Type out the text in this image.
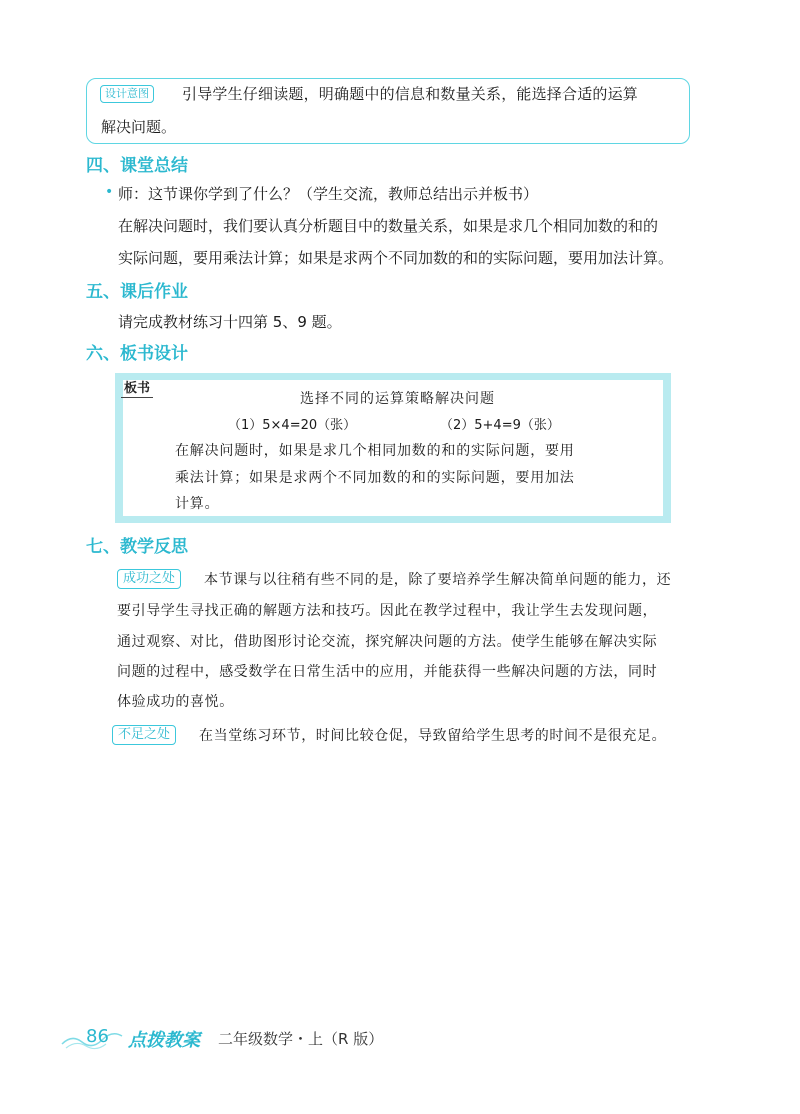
设计意图	引导学生仔细读题，明确题中的信息和数量关系，能选择合适的运算
解决问题。
四、课堂总结
• 师：这节课你学到了什么？（学生交流，教师总结出示并板书）
在解决问题时，我们要认真分析题目中的数量关系，如果是求几个相同加数的和的
实际问题，要用乘法计算；如果是求两个不同加数的和的实际问题，要用加法计算。
五、课后作业
请完成教材练习十四第 5、9 题。
六、板书设计
板书
选择不同的运算策略解决问题
（1）5×4=20（张）	（2）5+4=9（张）
在解决问题时，如果是求几个相同加数的和的实际问题，要用
乘法计算；如果是求两个不同加数的和的实际问题，要用加法
计算。
七、教学反思
成功之处	本节课与以往稍有些不同的是，除了要培养学生解决简单问题的能力，还
要引导学生寻找正确的解题方法和技巧。因此在教学过程中，我让学生去发现问题，
通过观察、对比，借助图形讨论交流，探究解决问题的方法。使学生能够在解决实际
问题的过程中，感受数学在日常生活中的应用，并能获得一些解决问题的方法，同时
体验成功的喜悦。
不足之处	在当堂练习环节，时间比较仓促，导致留给学生思考的时间不是很充足。
86 点拨教案 二年级数学・上（R 版）
